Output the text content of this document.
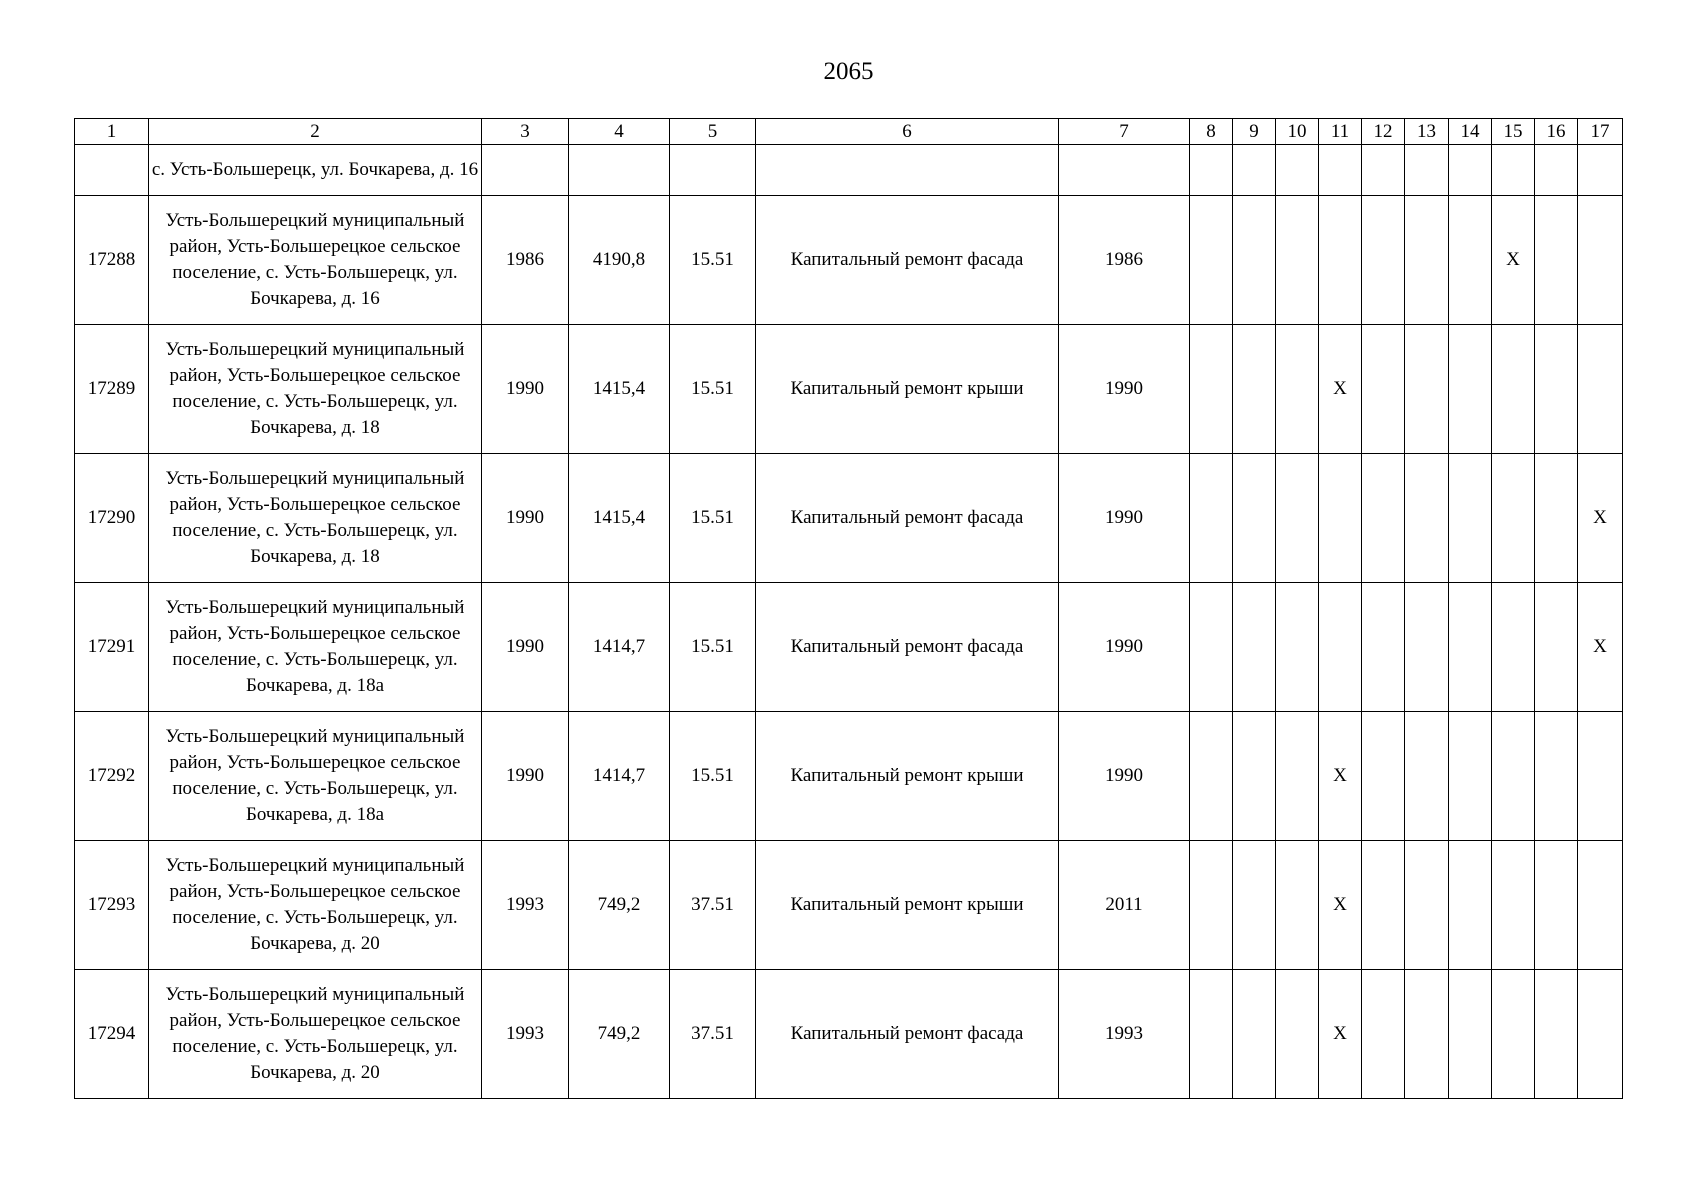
2065
1	2	3	4	5	6	7	8	9	10	11	12	13	14	15	16	17
	с. Усть-Большерецк, ул. Бочкарева, д. 16															
17288	Усть-Большерецкий муниципальный район, Усть-Большерецкое сельское поселение, с. Усть-Большерецк, ул. Бочкарева, д. 16	1986	4190,8	15.51	Капитальный ремонт фасада	1986								X		
17289	Усть-Большерецкий муниципальный район, Усть-Большерецкое сельское поселение, с. Усть-Большерецк, ул. Бочкарева, д. 18	1990	1415,4	15.51	Капитальный ремонт крыши	1990				X						
17290	Усть-Большерецкий муниципальный район, Усть-Большерецкое сельское поселение, с. Усть-Большерецк, ул. Бочкарева, д. 18	1990	1415,4	15.51	Капитальный ремонт фасада	1990										X
17291	Усть-Большерецкий муниципальный район, Усть-Большерецкое сельское поселение, с. Усть-Большерецк, ул. Бочкарева, д. 18а	1990	1414,7	15.51	Капитальный ремонт фасада	1990										X
17292	Усть-Большерецкий муниципальный район, Усть-Большерецкое сельское поселение, с. Усть-Большерецк, ул. Бочкарева, д. 18а	1990	1414,7	15.51	Капитальный ремонт крыши	1990				X						
17293	Усть-Большерецкий муниципальный район, Усть-Большерецкое сельское поселение, с. Усть-Большерецк, ул. Бочкарева, д. 20	1993	749,2	37.51	Капитальный ремонт крыши	2011				X						
17294	Усть-Большерецкий муниципальный район, Усть-Большерецкое сельское поселение, с. Усть-Большерецк, ул. Бочкарева, д. 20	1993	749,2	37.51	Капитальный ремонт фасада	1993				X						
